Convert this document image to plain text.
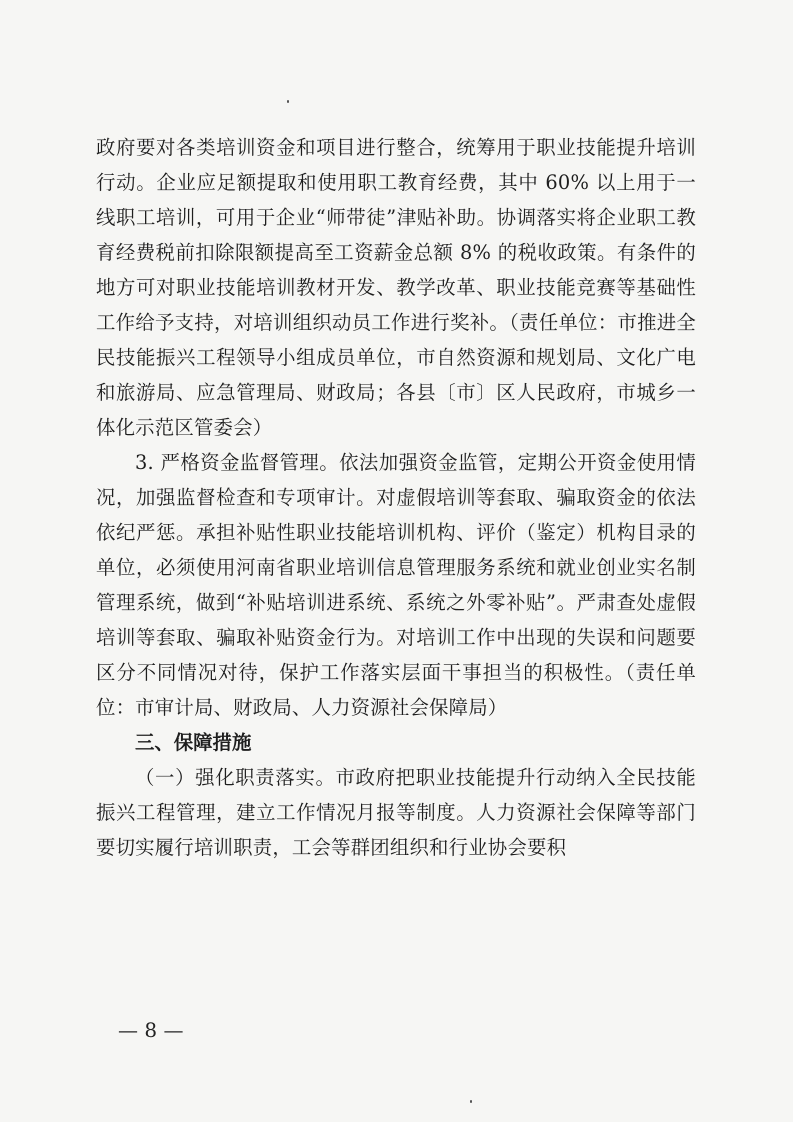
政府要对各类培训资金和项目进行整合，统筹用于职业技能提升培训行动。企业应足额提取和使用职工教育经费，其中 60% 以上用于一线职工培训，可用于企业“师带徒”津贴补助。协调落实将企业职工教育经费税前扣除限额提高至工资薪金总额 8% 的税收政策。有条件的地方可对职业技能培训教材开发、教学改革、职业技能竞赛等基础性工作给予支持，对培训组织动员工作进行奖补。（责任单位：市推进全民技能振兴工程领导小组成员单位，市自然资源和规划局、文化广电和旅游局、应急管理局、财政局；各县〔市〕区人民政府，市城乡一体化示范区管委会）

3. 严格资金监督管理。依法加强资金监管，定期公开资金使用情况，加强监督检查和专项审计。对虚假培训等套取、骗取资金的依法依纪严惩。承担补贴性职业技能培训机构、评价（鉴定）机构目录的单位，必须使用河南省职业培训信息管理服务系统和就业创业实名制管理系统，做到“补贴培训进系统、系统之外零补贴”。严肃查处虚假培训等套取、骗取补贴资金行为。对培训工作中出现的失误和问题要区分不同情况对待，保护工作落实层面干事担当的积极性。（责任单位：市审计局、财政局、人力资源社会保障局）

三、保障措施

（一）强化职责落实。市政府把职业技能提升行动纳入全民技能振兴工程管理，建立工作情况月报等制度。人力资源社会保障等部门要切实履行培训职责，工会等群团组织和行业协会要积

— 8 —
